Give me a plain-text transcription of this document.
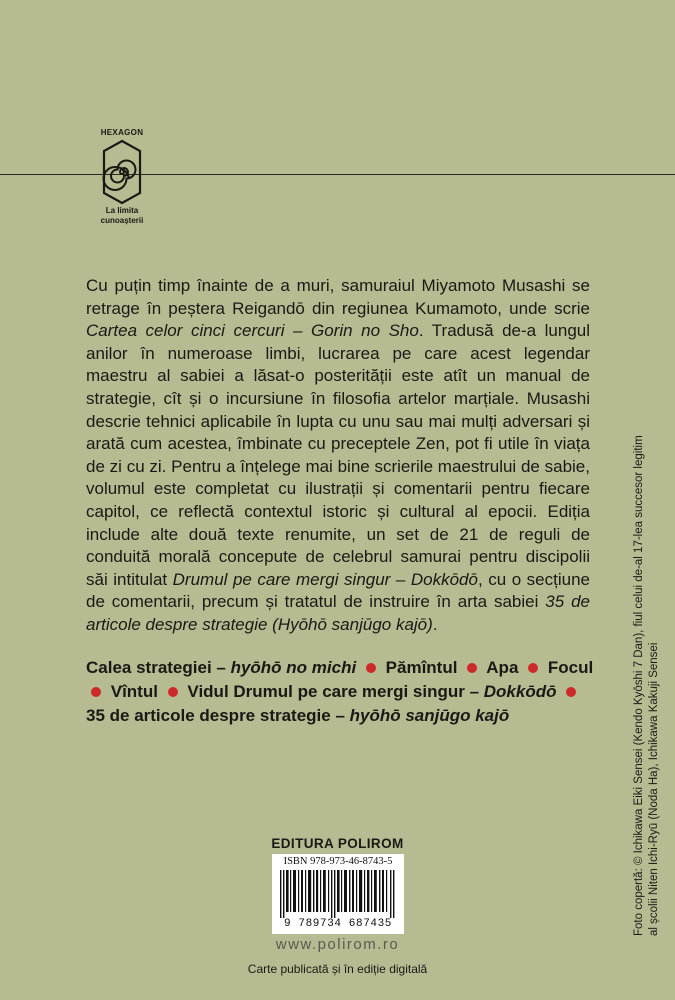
HEXAGON
La limita
cunoașterii
Cu puțin timp înainte de a muri, samuraiul Miyamoto Musashi se retrage în peștera Reigandō din regiunea Kumamoto, unde scrie Cartea celor cinci cercuri – Gorin no Sho. Tradusă de-a lungul anilor în numeroase limbi, lucrarea pe care acest legendar maestru al sabiei a lăsat-o posterității este atît un manual de strategie, cît și o incursiune în filosofia artelor marțiale. Musashi descrie tehnici aplicabile în lupta cu unu sau mai mulți adversari și arată cum acestea, îmbinate cu preceptele Zen, pot fi utile în viața de zi cu zi. Pentru a înțelege mai bine scrierile maestrului de sabie, volumul este completat cu ilustrații și comentarii pentru fiecare capitol, ce reflectă contextul istoric și cultural al epocii. Ediția include alte două texte renumite, un set de 21 de reguli de conduită morală concepute de celebrul samurai pentru discipolii săi intitulat Drumul pe care mergi singur – Dokkōdō, cu o secțiune de comentarii, precum și tratatul de instruire în arta sabiei 35 de articole despre strategie (Hyōhō sanjūgo kajō).
Calea strategiei – hyōhō no michi Pămîntul Apa Focul
Vîntul Vidul Drumul pe care mergi singur – Dokkōdō
35 de articole despre strategie – hyōhō sanjūgo kajō
EDITURA POLIROM
ISBN 978-973-46-8743-5
9 789734 687435
www.polirom.ro
Carte publicată și în ediție digitală
Foto copertă: © Ichikawa Eiki Sensei (Kendo Kyōshi 7 Dan), fiul celui de-al 17-lea succesor legitim al școlii Niten Ichi-Ryū (Noda Ha), Ichikawa Kakuji Sensei
